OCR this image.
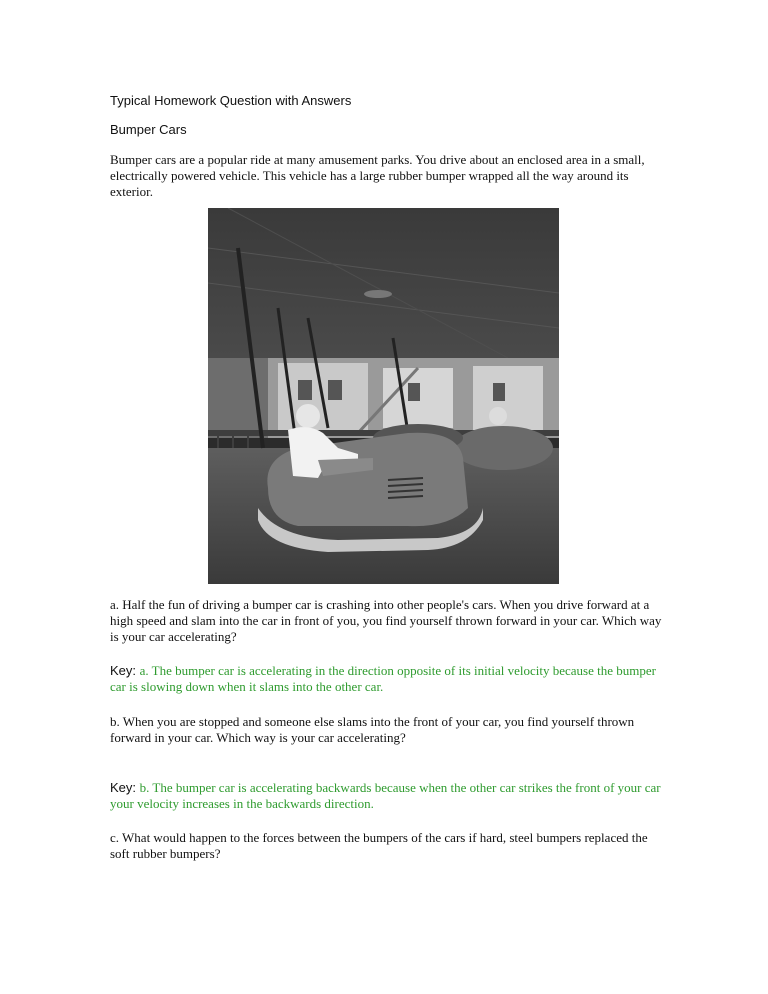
Typical Homework Question with Answers
Bumper Cars
Bumper cars are a popular ride at many amusement parks. You drive about an enclosed area in a small, electrically powered vehicle. This vehicle has a large rubber bumper wrapped all the way around its exterior.
a. Half the fun of driving a bumper car is crashing into other people's cars. When you drive forward at a high speed and slam into the car in front of you, you find yourself thrown forward in your car. Which way is your car accelerating?
Key: a. The bumper car is accelerating in the direction opposite of its initial velocity because the bumper car is slowing down when it slams into the other car.
b. When you are stopped and someone else slams into the front of your car, you find yourself thrown forward in your car. Which way is your car accelerating?
Key: b. The bumper car is accelerating backwards because when the other car strikes the front of your car your velocity increases in the backwards direction.
c. What would happen to the forces between the bumpers of the cars if hard, steel bumpers replaced the soft rubber bumpers?
